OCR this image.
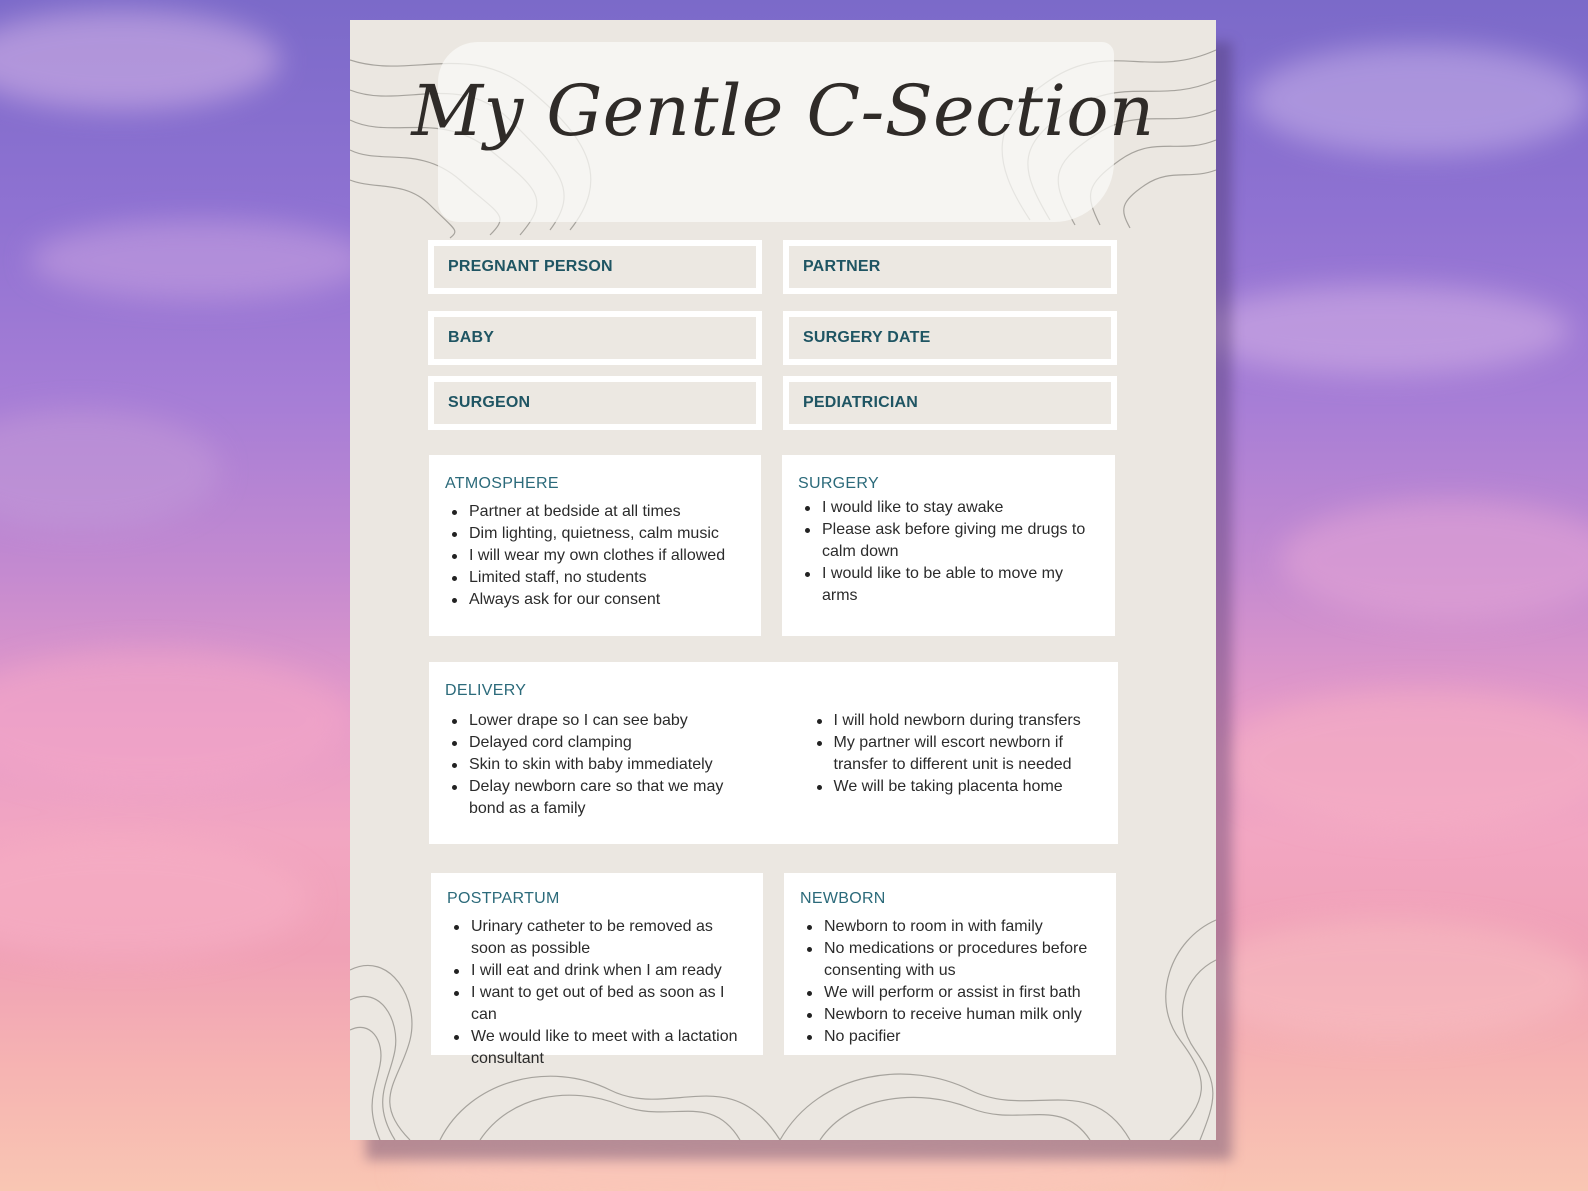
My Gentle C-Section
PREGNANT PERSON	PARTNER
BABY	SURGERY DATE
SURGEON	PEDIATRICIAN
ATMOSPHERE
Partner at bedside at all times
Dim lighting, quietness, calm music
I will wear my own clothes if allowed
Limited staff, no students
Always ask for our consent
SURGERY
I would like to stay awake
Please ask before giving me drugs to calm down
I would like to be able to move my arms
DELIVERY
Lower drape so I can see baby
Delayed cord clamping
Skin to skin with baby immediately
Delay newborn care so that we may bond as a family
I will hold newborn during transfers
My partner will escort newborn if transfer to different unit is needed
We will be taking placenta home
POSTPARTUM
Urinary catheter to be removed as soon as possible
I will eat and drink when I am ready
I want to get out of bed as soon as I can
We would like to meet with a lactation consultant
NEWBORN
Newborn to room in with family
No medications or procedures before consenting with us
We will perform or assist in first bath
Newborn to receive human milk only
No pacifier
